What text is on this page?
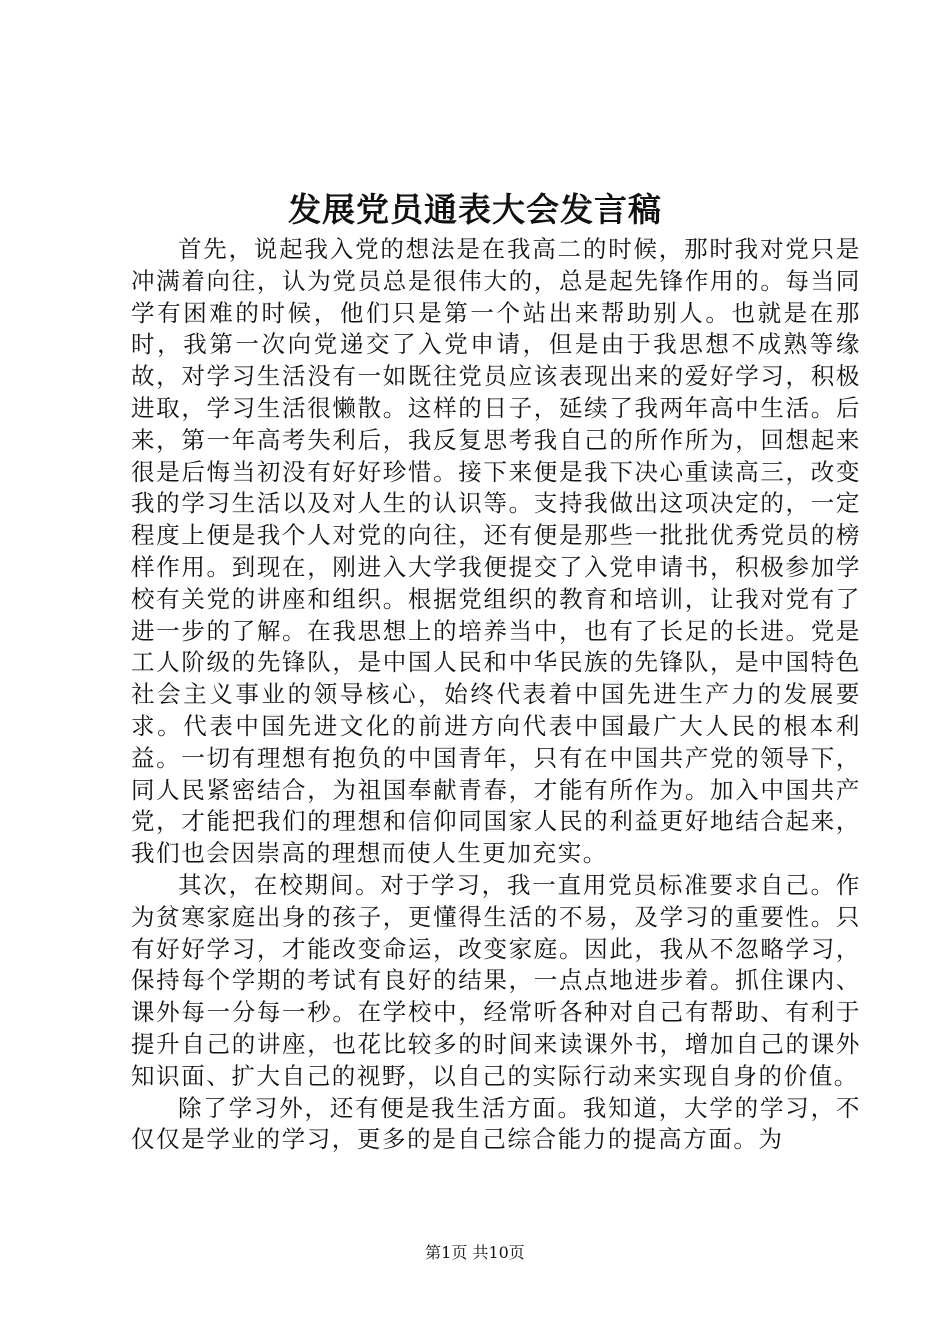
发展党员通表大会发言稿

首先，说起我入党的想法是在我高二的时候，那时我对党只是冲满着向往，认为党员总是很伟大的，总是起先锋作用的。每当同学有困难的时候，他们只是第一个站出来帮助别人。也就是在那时，我第一次向党递交了入党申请，但是由于我思想不成熟等缘故，对学习生活没有一如既往党员应该表现出来的爱好学习，积极进取，学习生活很懒散。这样的日子，延续了我两年高中生活。后来，第一年高考失利后，我反复思考我自己的所作所为，回想起来很是后悔当初没有好好珍惜。接下来便是我下决心重读高三，改变我的学习生活以及对人生的认识等。支持我做出这项决定的，一定程度上便是我个人对党的向往，还有便是那些一批批优秀党员的榜样作用。到现在，刚进入大学我便提交了入党申请书，积极参加学校有关党的讲座和组织。根据党组织的教育和培训，让我对党有了进一步的了解。在我思想上的培养当中，也有了长足的长进。党是工人阶级的先锋队，是中国人民和中华民族的先锋队，是中国特色社会主义事业的领导核心，始终代表着中国先进生产力的发展要求。代表中国先进文化的前进方向代表中国最广大人民的根本利益。一切有理想有抱负的中国青年，只有在中国共产党的领导下，同人民紧密结合，为祖国奉献青春，才能有所作为。加入中国共产党，才能把我们的理想和信仰同国家人民的利益更好地结合起来，我们也会因崇高的理想而使人生更加充实。

其次，在校期间。对于学习，我一直用党员标准要求自己。作为贫寒家庭出身的孩子，更懂得生活的不易，及学习的重要性。只有好好学习，才能改变命运，改变家庭。因此，我从不忽略学习，保持每个学期的考试有良好的结果，一点点地进步着。抓住课内、课外每一分每一秒。在学校中，经常听各种对自己有帮助、有利于提升自己的讲座，也花比较多的时间来读课外书，增加自己的课外知识面、扩大自己的视野，以自己的实际行动来实现自身的价值。

除了学习外，还有便是我生活方面。我知道，大学的学习，不仅仅是学业的学习，更多的是自己综合能力的提高方面。为

第1页 共10页
